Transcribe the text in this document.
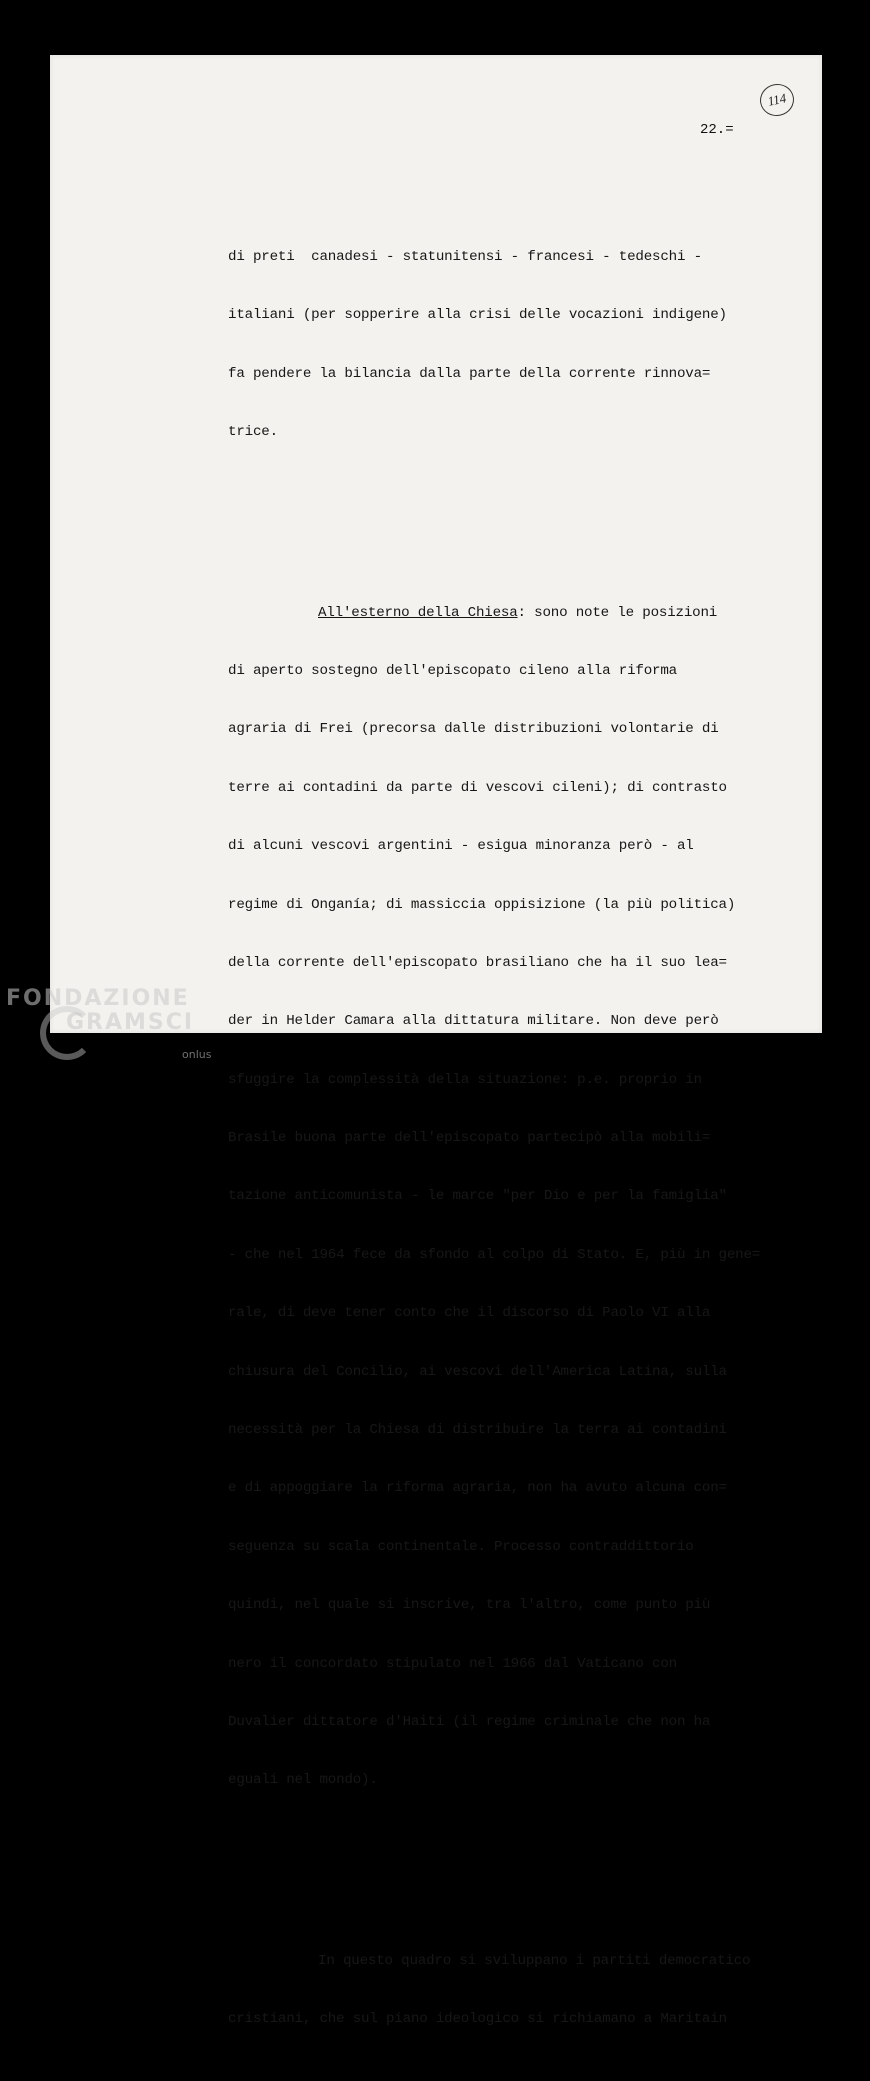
114
22.=

di preti  canadesi - statunitensi - francesi - tedeschi -

italiani (per sopperire alla crisi delle vocazioni indigene)

fa pendere la bilancia dalla parte della corrente rinnova=

trice.

All'esterno della Chiesa: sono note le posizioni

di aperto sostegno dell'episcopato cileno alla riforma

agraria di Frei (precorsa dalle distribuzioni volontarie di

terre ai contadini da parte di vescovi cileni); di contrasto

di alcuni vescovi argentini - esigua minoranza però - al

regime di Onganía; di massiccia oppisizione (la più politica)

della corrente dell'episcopato brasiliano che ha il suo lea=

der in Helder Camara alla dittatura militare. Non deve però

sfuggire la complessità della situazione: p.e. proprio in

Brasile buona parte dell'episcopato partecipò alla mobili=

tazione anticomunista - le marce "per Dio e per la famiglia"

- che nel 1964 fece da sfondo al colpo di Stato. E, più in gene=

rale, di deve tener conto che il discorso di Paolo VI alla

chiusura del Concilio, ai vescovi dell'America Latina, sulla

necessità per la Chiesa di distribuire la terra ai contadini

e di appoggiare la riforma agraria, non ha avuto alcuna con=

seguenza su scala continentale. Processo contraddittorio

quindi, nel quale si inscrive, tra l'altro, come punto più

nero il concordato stipulato nel 1966 dal Vaticano con

Duvalier dittatore d'Haiti (il regime criminale che non ha

eguali nel mondo).

In questo quadro si sviluppano i partiti democratico

cristiani, che sul piano ideologico si richiamano a Maritain

FONDAZIONE
GRAMSCI
onlus
